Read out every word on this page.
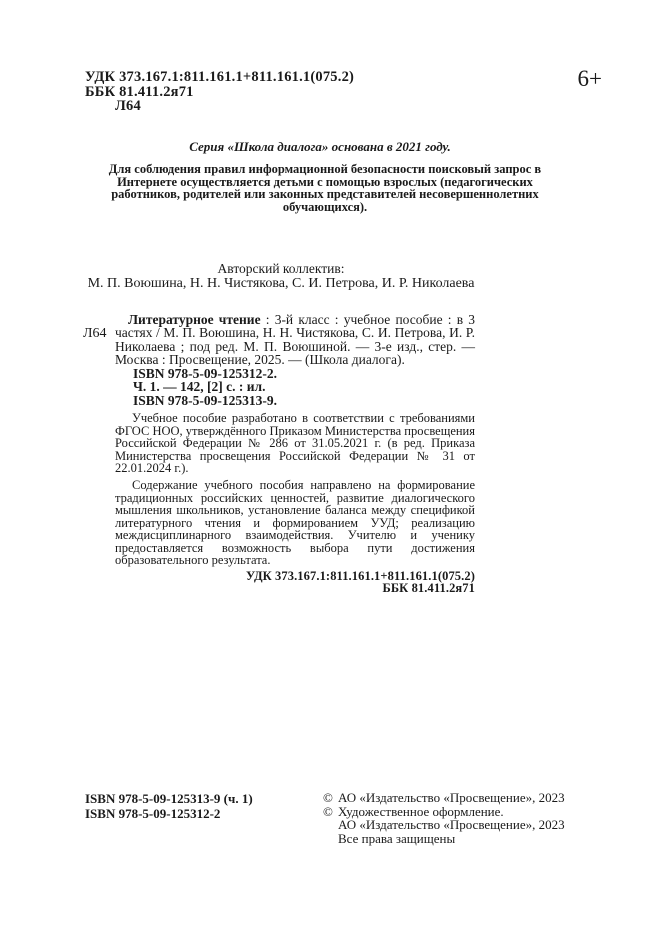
УДК 373.167.1:811.161.1+811.161.1(075.2)
ББК 81.411.2я71
Л64
6+
Серия «Школа диалога» основана в 2021 году.
Для соблюдения правил информационной безопасности поисковый запрос в Интернете осуществляется детьми с помощью взрослых (педагогических работников, родителей или законных представителей несовершеннолетних обучающихся).
Авторский коллектив:
М. П. Воюшина, Н. Н. Чистякова, С. И. Петрова, И. Р. Николаева

Л64
Литературное чтение : 3-й класс : учебное пособие : в 3 частях / М. П. Воюшина, Н. Н. Чистякова, С. И. Петрова, И. Р. Николаева ; под ред. М. П. Воюшиной. — 3-е изд., стер. — Москва : Просвещение, 2025. — (Школа диалога).

ISBN 978-5-09-125312-2.
Ч. 1. — 142, [2] с. : ил.
ISBN 978-5-09-125313-9.

Учебное пособие разработано в соответствии с требованиями ФГОС НОО, утверждённого Приказом Министерства просвещения Российской Федерации № 286 от 31.05.2021 г. (в ред. Приказа Министерства просвещения Российской Федерации № 31 от 22.01.2024 г.).

Содержание учебного пособия направлено на формирование традиционных российских ценностей, развитие диалогического мышления школьников, установление баланса между спецификой литературного чтения и формированием УУД; реализацию междисциплинарного взаимодействия. Учителю и ученику предоставляется возможность выбора пути достижения образовательного результата.

УДК 373.167.1:811.161.1+811.161.1(075.2)
ББК 81.411.2я71
ISBN 978-5-09-125313-9 (ч. 1)
ISBN 978-5-09-125312-2
© АО «Издательство «Просвещение», 2023
© Художественное оформление.
АО «Издательство «Просвещение», 2023
Все права защищены
